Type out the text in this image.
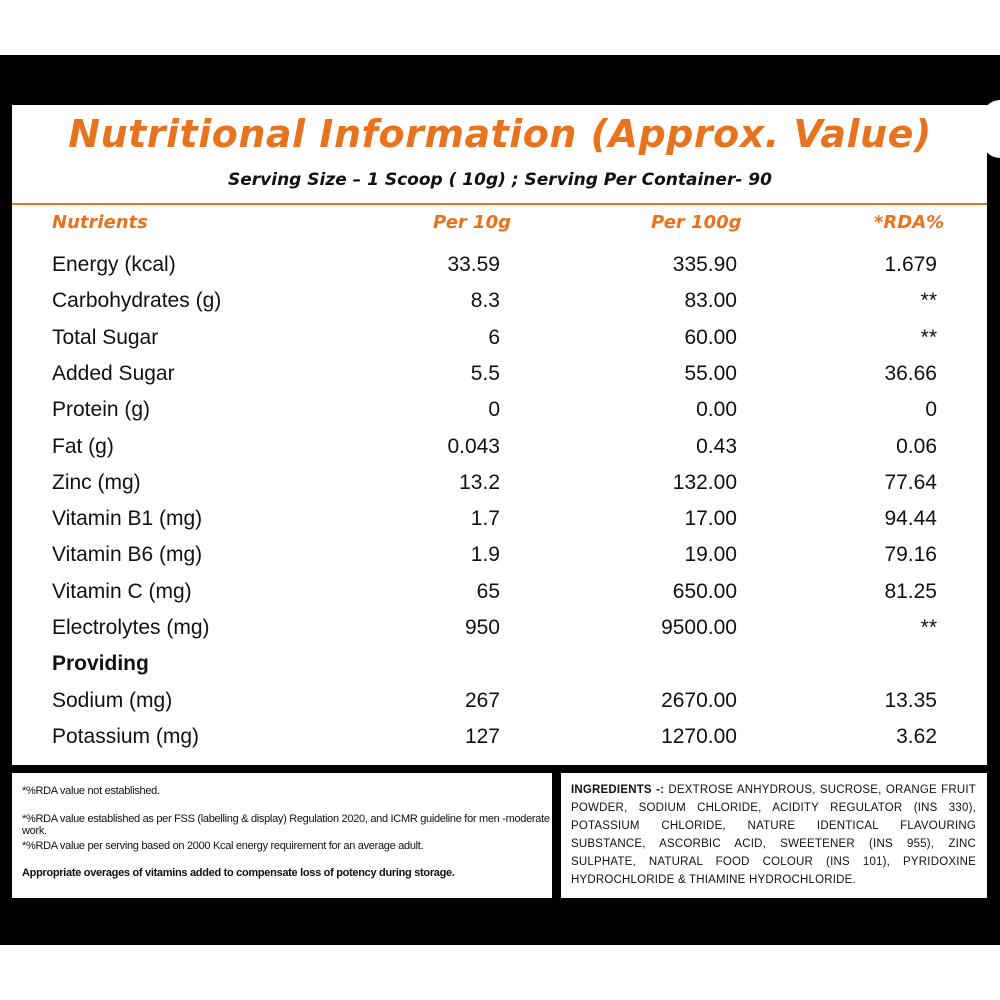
Nutritional Information (Approx. Value)
Serving Size – 1 Scoop ( 10g) ; Serving Per Container- 90
Nutrients	Per 10g	Per 100g	*RDA%
Energy (kcal)	33.59	335.90	1.679
Carbohydrates (g)	8.3	83.00	**
Total Sugar	6	60.00	**
Added Sugar	5.5	55.00	36.66
Protein (g)	0	0.00	0
Fat (g)	0.043	0.43	0.06
Zinc (mg)	13.2	132.00	77.64
Vitamin B1 (mg)	1.7	17.00	94.44
Vitamin B6 (mg)	1.9	19.00	79.16
Vitamin C (mg)	65	650.00	81.25
Electrolytes (mg)	950	9500.00	**
Providing
Sodium (mg)	267	2670.00	13.35
Potassium (mg)	127	1270.00	3.62
*%RDA value not established.
*%RDA value established as per FSS (labelling & display) Regulation 2020, and ICMR guideline for men -moderate work.
*%RDA value per serving based on 2000 Kcal energy requirement for an average adult.
Appropriate overages of vitamins added to compensate loss of potency during storage.
INGREDIENTS -: DEXTROSE ANHYDROUS, SUCROSE, ORANGE FRUIT POWDER, SODIUM CHLORIDE, ACIDITY REGULATOR (INS 330), POTASSIUM CHLORIDE, NATURE IDENTICAL FLAVOURING SUBSTANCE, ASCORBIC ACID, SWEETENER (INS 955), ZINC SULPHATE, NATURAL FOOD COLOUR (INS 101), PYRIDOXINE HYDROCHLORIDE & THIAMINE HYDROCHLORIDE.
